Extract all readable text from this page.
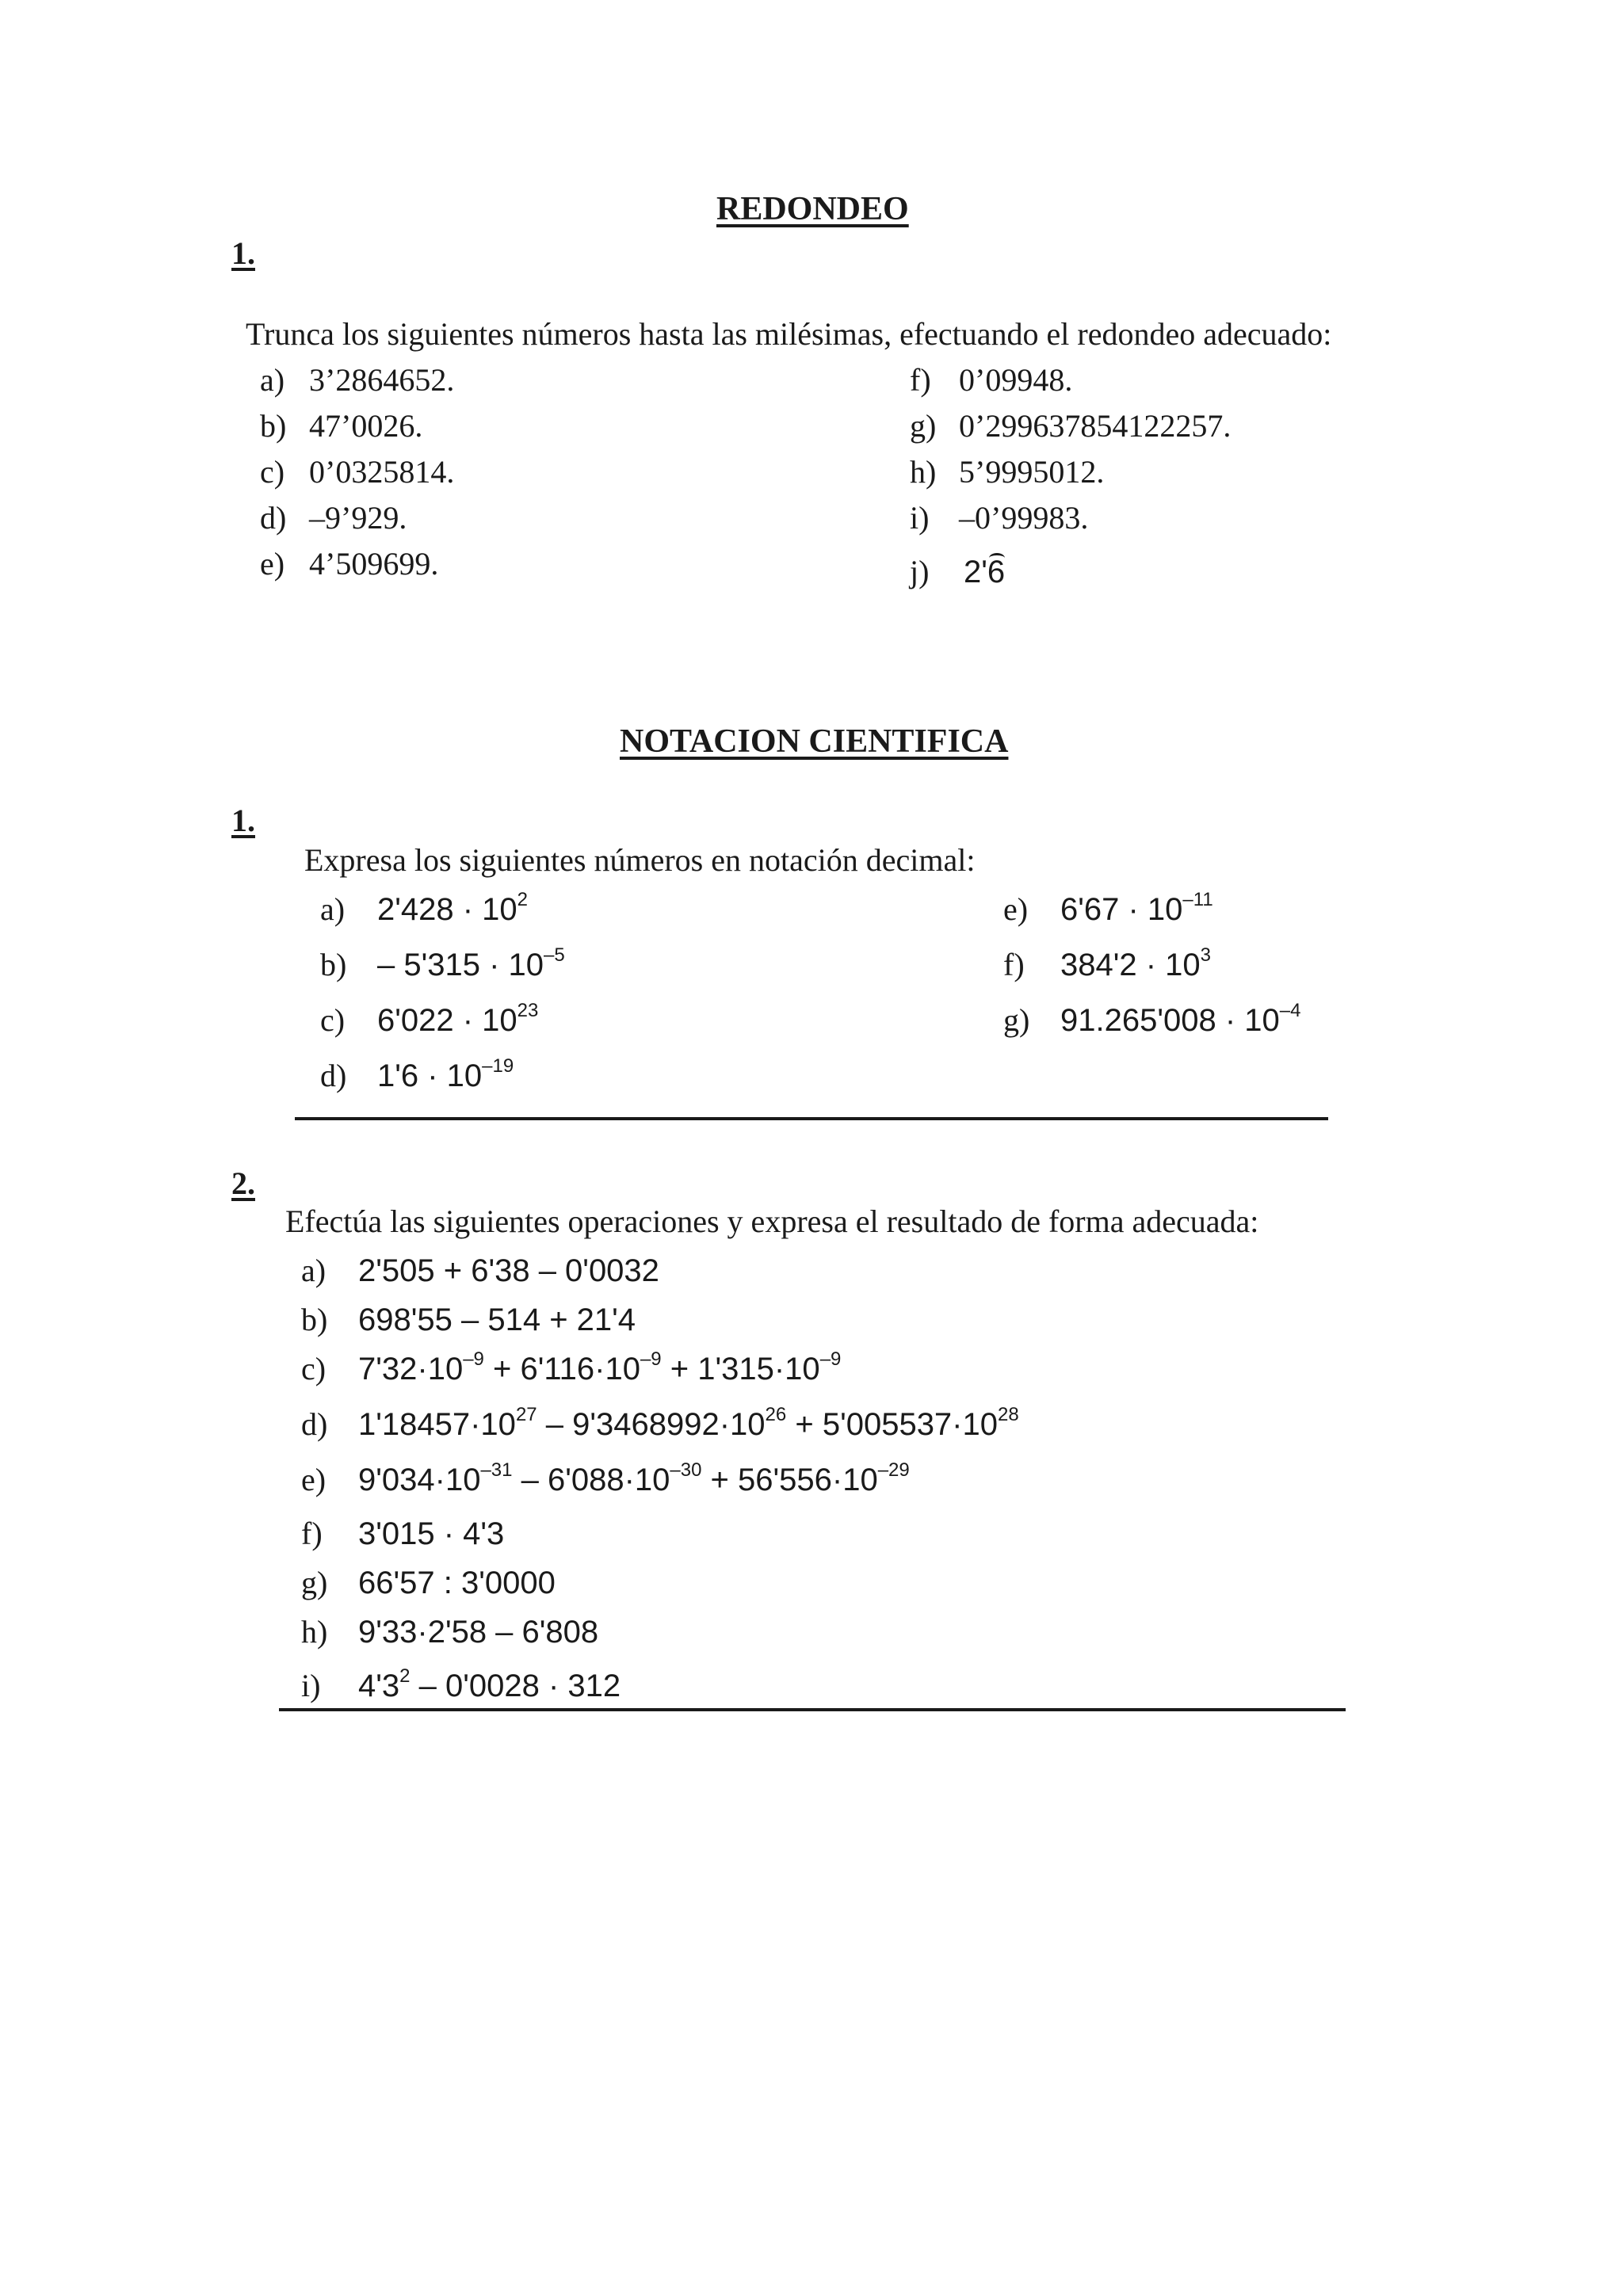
REDONDEO
1.
Trunca los siguientes números hasta las milésimas, efectuando el redondeo adecuado:
a) 3’2864652.
b) 47’0026.
c) 0’0325814.
d) –9’929.
e) 4’509699.
f) 0’09948.
g) 0’299637854122257.
h) 5’9995012.
i) –0’99983.
j) 2'
6
NOTACION CIENTIFICA
1.
Expresa los siguientes números en notación decimal:
a) $2'428 \cdot 10^2$
$b) - 5'315 \cdot 10^{-5}$
c) $6'022 \cdot 10^{23}$
d) $1'6 \cdot 10^{-19}$
e) $6'67 \cdot 10^{-11}$
f) $384'2 \cdot 10^3$
g) $91.265'008 \cdot 10^{-4}$
2.
Efectúa las siguientes operaciones y expresa el resultado de forma adecuada:
a) 2'505 + 6'38 – 0'0032
b) 698'55 – 514 + 21'4
c) $7'32\cdot 10^{-9} + 6'116\cdot 10^{-9} + 1'315\cdot 10^{-9}$
d) $1'18457\cdot 10^{27} - 9'3468992\cdot 10^{26} + 5'005537\cdot 10^{28}$
e) $9'034\cdot 10^{-31} - 6'088\cdot 10^{-30} + 56'556\cdot 10^{-29}$
f) 3'015 · 4'3
g) 66'57 : 3'0000
h) 9'33·2'58 – 6'808
i) $4'3^2 - 0'0028 \cdot 312$
